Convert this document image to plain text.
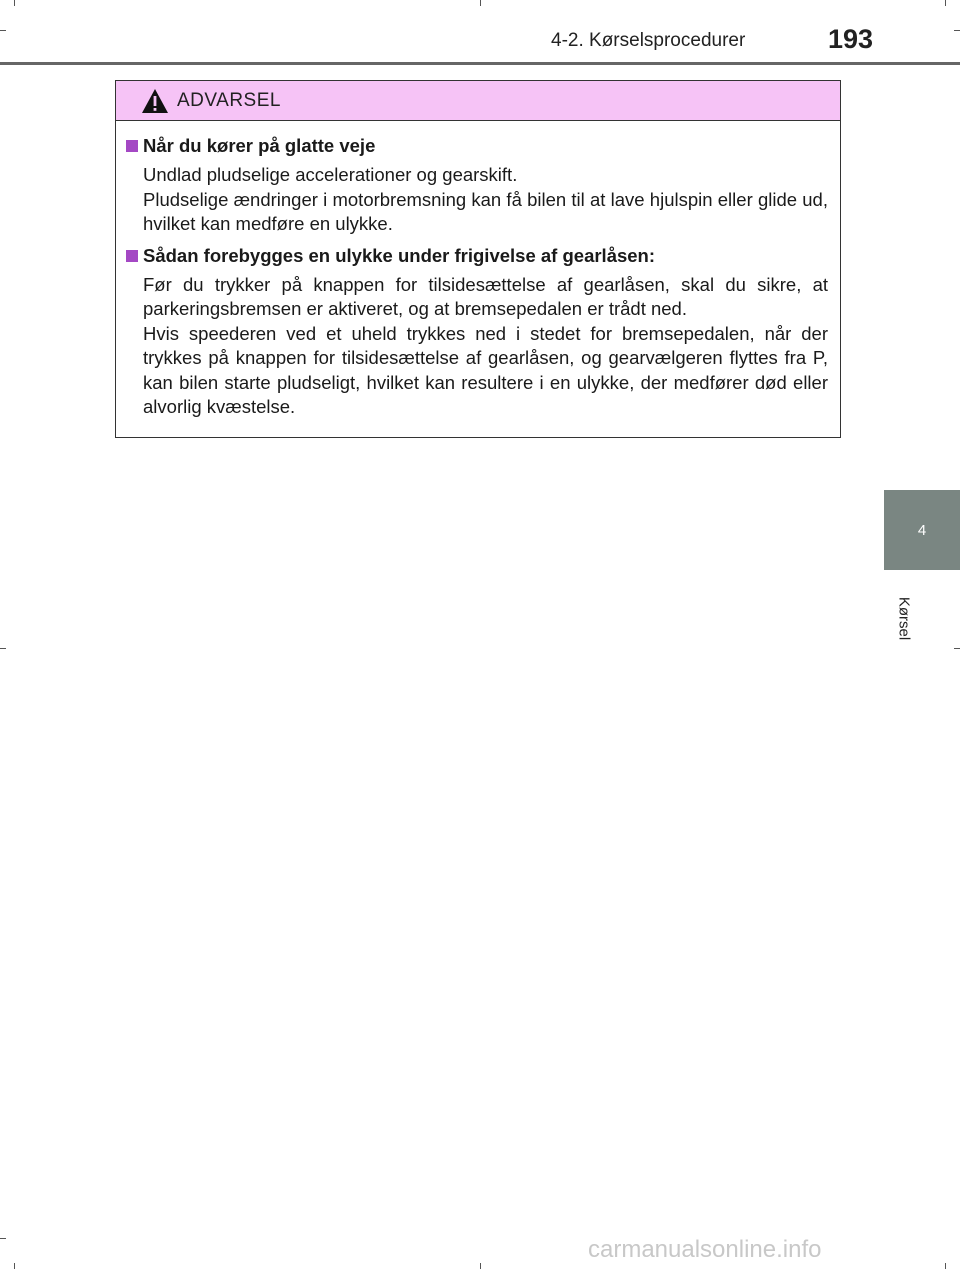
4-2. Kørselsprocedurer	193
4
Kørsel
ADVARSEL
Når du kører på glatte veje

Undlad pludselige accelerationer og gearskift.

Pludselige ændringer i motorbremsning kan få bilen til at lave hjulspin eller glide ud, hvilket kan medføre en ulykke.

Sådan forebygges en ulykke under frigivelse af gearlåsen:

Før du trykker på knappen for tilsidesættelse af gearlåsen, skal du sikre, at parkeringsbremsen er aktiveret, og at bremsepedalen er trådt ned.

Hvis speederen ved et uheld trykkes ned i stedet for bremsepedalen, når der trykkes på knappen for tilsidesættelse af gearlåsen, og gearvælgeren flyttes fra P, kan bilen starte pludseligt, hvilket kan resultere i en ulykke, der medfører død eller alvorlig kvæstelse.

carmanualsonline.info
